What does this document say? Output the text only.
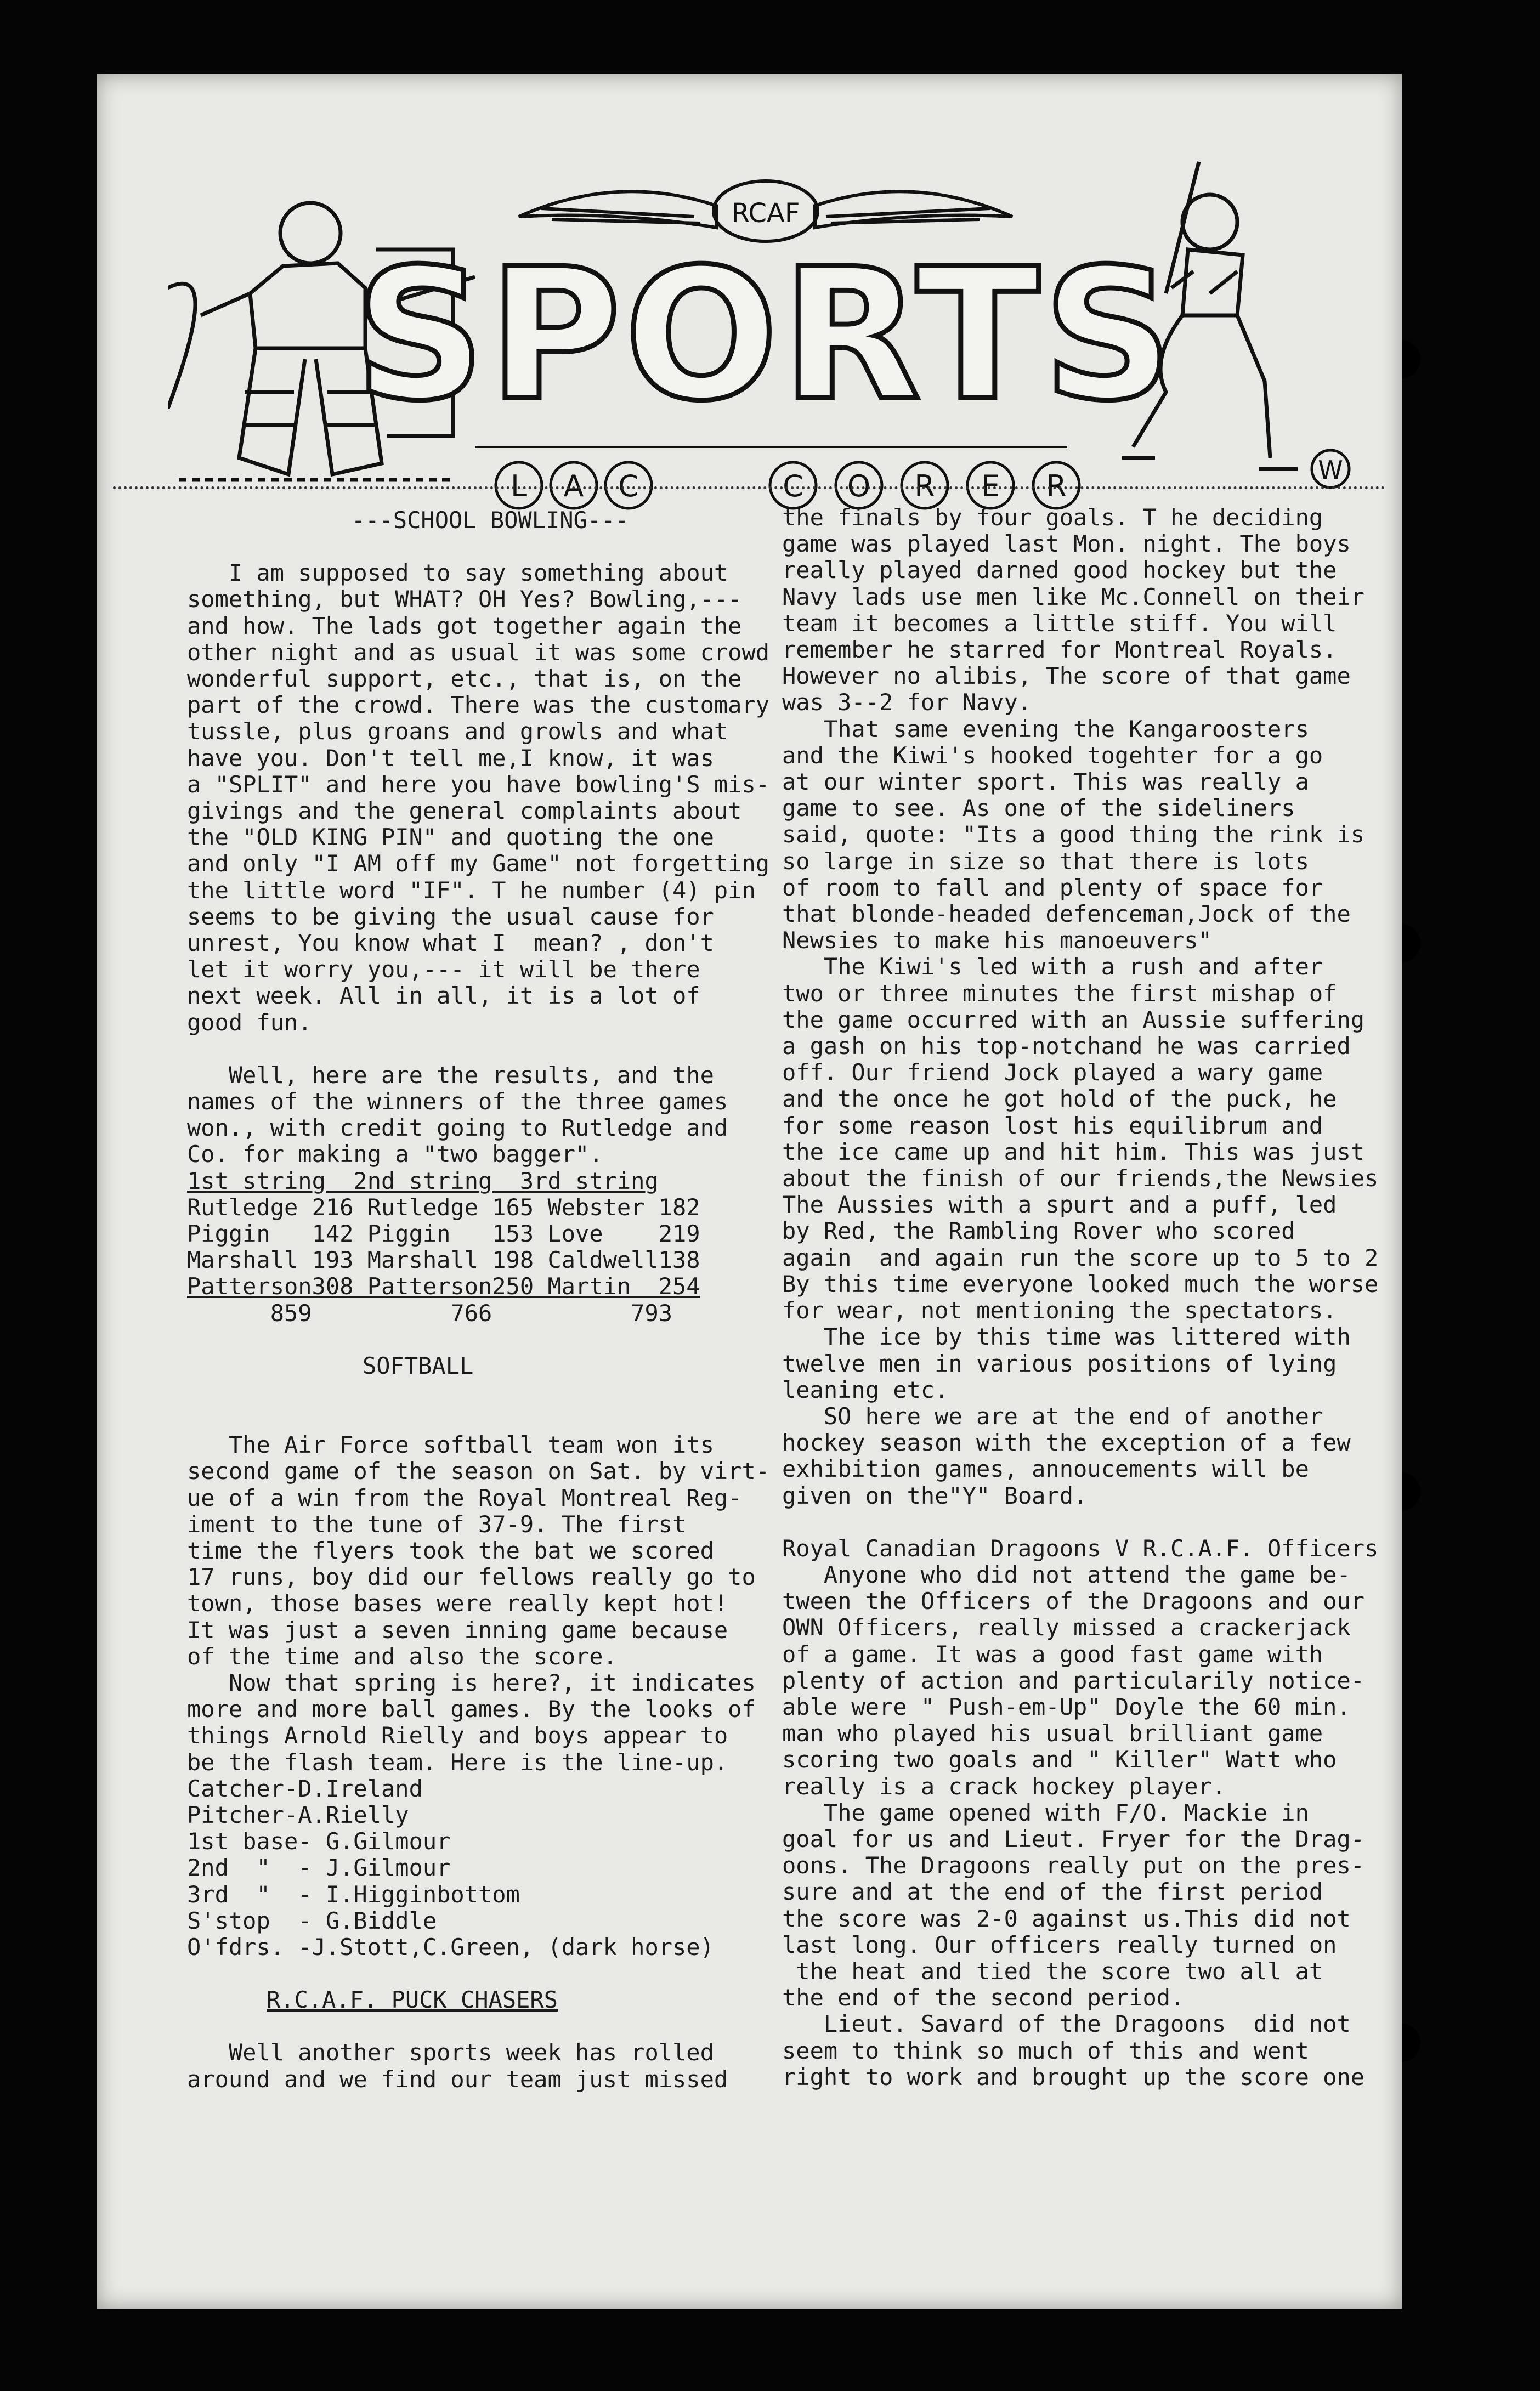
RCAF
SPORTS
L A C	C O R E R	W

---SCHOOL BOWLING---

I am supposed to say something about

something, but WHAT? OH Yes? Bowling,---

and how. The lads got together again the

other night and as usual it was some crowd

wonderful support, etc., that is, on the

part of the crowd. There was the customary

tussle, plus groans and growls and what

have you. Don't tell me,I know, it was

a "SPLIT" and here you have bowling'S mis-

givings and the general complaints about

the "OLD KING PIN" and quoting the one

and only "I AM off my Game" not forgetting

the little word "IF". T he number (4) pin

seems to be giving the usual cause for

unrest, You know what I  mean? , don't

let it worry you,--- it will be there

next week. All in all, it is a lot of

good fun.

Well, here are the results, and the

names of the winners of the three games

won., with credit going to Rutledge and

Co. for making a "two bagger".

1st string  2nd string  3rd string

Rutledge 216 Rutledge 165 Webster 182

Piggin   142 Piggin   153 Love    219

Marshall 193 Marshall 198 Caldwell138

Patterson308 Patterson250 Martin  254

859          766          793

SOFTBALL

The Air Force softball team won its

second game of the season on Sat. by virt-

ue of a win from the Royal Montreal Reg-

iment to the tune of 37-9. The first

time the flyers took the bat we scored

17 runs, boy did our fellows really go to

town, those bases were really kept hot!

It was just a seven inning game because

of the time and also the score.

Now that spring is here?, it indicates

more and more ball games. By the looks of

things Arnold Rielly and boys appear to

be the flash team. Here is the line-up.

Catcher-D.Ireland

Pitcher-A.Rielly

1st base- G.Gilmour

2nd  "  - J.Gilmour

3rd  "  - I.Higginbottom

S'stop  - G.Biddle

O'fdrs. -J.Stott,C.Green, (dark horse)

R.C.A.F. PUCK CHASERS

Well another sports week has rolled

around and we find our team just missed

the finals by four goals. T he deciding

game was played last Mon. night. The boys

really played darned good hockey but the

Navy lads use men like Mc.Connell on their

team it becomes a little stiff. You will

remember he starred for Montreal Royals.

However no alibis, The score of that game

was 3--2 for Navy.

That same evening the Kangaroosters

and the Kiwi's hooked togehter for a go

at our winter sport. This was really a

game to see. As one of the sideliners

said, quote: "Its a good thing the rink is

so large in size so that there is lots

of room to fall and plenty of space for

that blonde-headed defenceman,Jock of the

Newsies to make his manoeuvers"

The Kiwi's led with a rush and after

two or three minutes the first mishap of

the game occurred with an Aussie suffering

a gash on his top-notchand he was carried

off. Our friend Jock played a wary game

and the once he got hold of the puck, he

for some reason lost his equilibrum and

the ice came up and hit him. This was just

about the finish of our friends,the Newsies

The Aussies with a spurt and a puff, led

by Red, the Rambling Rover who scored

again  and again run the score up to 5 to 2

By this time everyone looked much the worse

for wear, not mentioning the spectators.

The ice by this time was littered with

twelve men in various positions of lying

leaning etc.

SO here we are at the end of another

hockey season with the exception of a few

exhibition games, annoucements will be

given on the"Y" Board.

Royal Canadian Dragoons V R.C.A.F. Officers

Anyone who did not attend the game be-

tween the Officers of the Dragoons and our

OWN Officers, really missed a crackerjack

of a game. It was a good fast game with

plenty of action and particularily notice-

able were " Push-em-Up" Doyle the 60 min.

man who played his usual brilliant game

scoring two goals and " Killer" Watt who

really is a crack hockey player.

The game opened with F/O. Mackie in

goal for us and Lieut. Fryer for the Drag-

oons. The Dragoons really put on the pres-

sure and at the end of the first period

the score was 2-0 against us.This did not

last long. Our officers really turned on

the heat and tied the score two all at

the end of the second period.

Lieut. Savard of the Dragoons  did not

seem to think so much of this and went

right to work and brought up the score one
